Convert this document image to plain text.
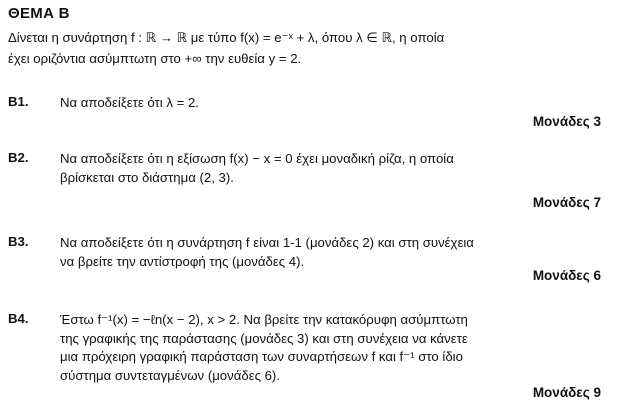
ΘΕΜΑ Β
Δίνεται η συνάρτηση f : ℝ → ℝ με τύπο f(x) = e⁻ˣ + λ, όπου λ ∈ ℝ, η οποία
έχει οριζόντια ασύμπτωτη στο +∞ την ευθεία y = 2.
B1.	Να αποδείξετε ότι λ = 2.

Μονάδες 3
B2.	Να αποδείξετε ότι η εξίσωση f(x) − x = 0 έχει μοναδική ρίζα, η οποία

βρίσκεται στο διάστημα (2, 3).

Μονάδες 7
B3.	Να αποδείξετε ότι η συνάρτηση f είναι 1-1 (μονάδες 2) και στη συνέχεια

να βρείτε την αντίστροφή της (μονάδες 4).

Μονάδες 6
B4.	Έστω f⁻¹(x) = −ℓn(x − 2), x > 2. Να βρείτε την κατακόρυφη ασύμπτωτη

της γραφικής της παράστασης (μονάδες 3) και στη συνέχεια να κάνετε

μια πρόχειρη γραφική παράσταση των συναρτήσεων f και f⁻¹ στο ίδιο

σύστημα συντεταγμένων (μονάδες 6).

Μονάδες 9
